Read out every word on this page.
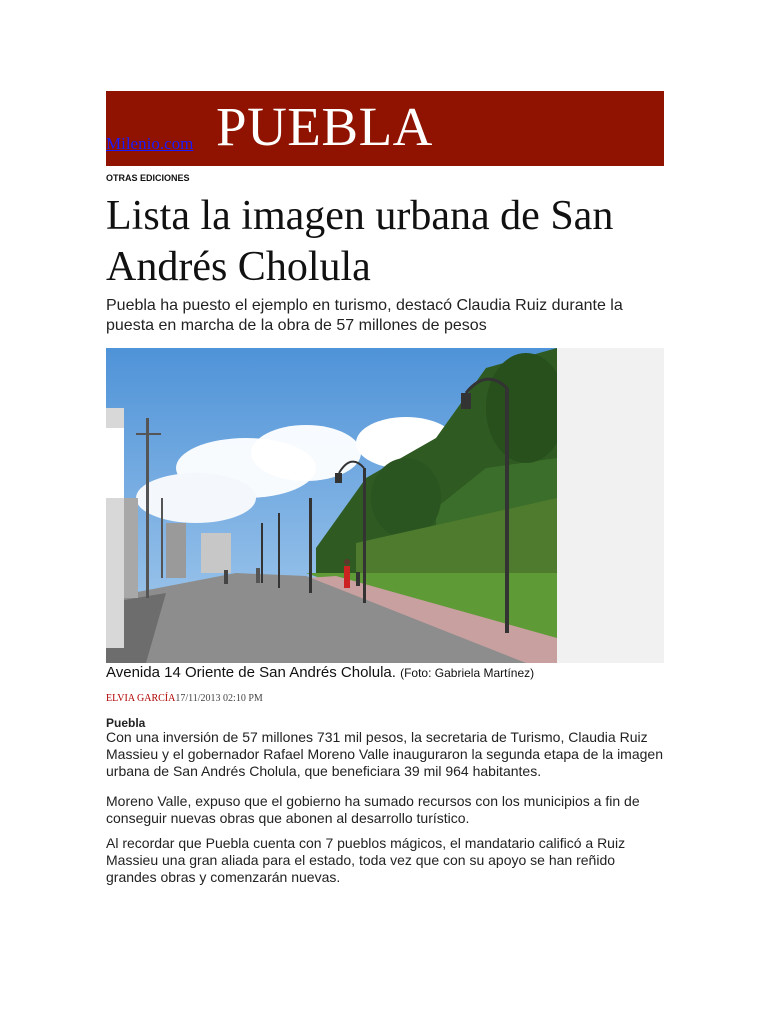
Milenio.com PUEBLA
OTRAS EDICIONES
Lista la imagen urbana de San Andrés Cholula

Puebla ha puesto el ejemplo en turismo, destacó Claudia Ruiz durante la puesta en marcha de la obra de 57 millones de pesos

Avenida 14 Oriente de San Andrés Cholula. (Foto: Gabriela Martínez)
ELVIA GARCÍA17/11/2013 02:10 PM
Puebla

Con una inversión de 57 millones 731 mil pesos, la secretaria de Turismo, Claudia Ruiz Massieu y el gobernador Rafael Moreno Valle inauguraron la segunda etapa de la imagen urbana de San Andrés Cholula, que beneficiara 39 mil 964 habitantes.

Moreno Valle, expuso que el gobierno ha sumado recursos con los municipios a fin de conseguir nuevas obras que abonen al desarrollo turístico.

Al recordar que Puebla cuenta con 7 pueblos mágicos, el mandatario calificó a Ruiz Massieu una gran aliada para el estado, toda vez que con su apoyo se han reñido grandes obras y comenzarán nuevas.
